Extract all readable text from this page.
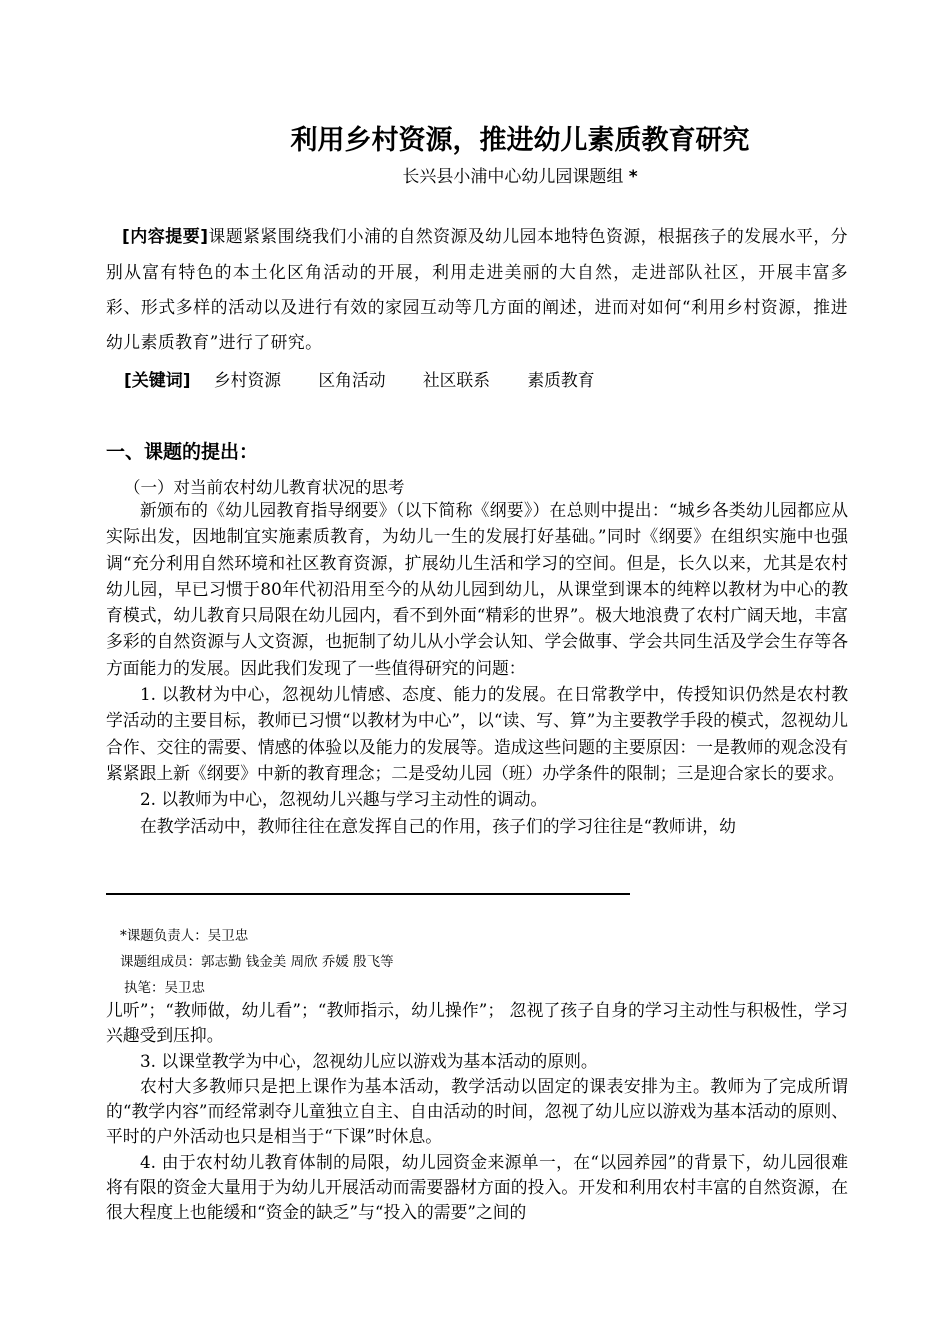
利用乡村资源，推进幼儿素质教育研究
长兴县小浦中心幼儿园课题组 *
[内容提要]课题紧紧围绕我们小浦的自然资源及幼儿园本地特色资源，根据孩子的发展水平，分别从富有特色的本土化区角活动的开展，利用走进美丽的大自然，走进部队社区，开展丰富多彩、形式多样的活动以及进行有效的家园互动等几方面的阐述，进而对如何“利用乡村资源，推进幼儿素质教育”进行了研究。
[关键词] 乡村资源 区角活动 社区联系 素质教育
一、课题的提出：
（一）对当前农村幼儿教育状况的思考

新颁布的《幼儿园教育指导纲要》（以下简称《纲要》）在总则中提出：“城乡各类幼儿园都应从实际出发，因地制宜实施素质教育，为幼儿一生的发展打好基础。”同时《纲要》在组织实施中也强调“充分利用自然环境和社区教育资源，扩展幼儿生活和学习的空间。但是，长久以来，尤其是农村幼儿园，早已习惯于80年代初沿用至今的从幼儿园到幼儿，从课堂到课本的纯粹以教材为中心的教育模式，幼儿教育只局限在幼儿园内，看不到外面“精彩的世界”。极大地浪费了农村广阔天地，丰富多彩的自然资源与人文资源，也扼制了幼儿从小学会认知、学会做事、学会共同生活及学会生存等各方面能力的发展。因此我们发现了一些值得研究的问题：

1. 以教材为中心，忽视幼儿情感、态度、能力的发展。在日常教学中，传授知识仍然是农村教学活动的主要目标，教师已习惯“以教材为中心”，以“读、写、算”为主要教学手段的模式，忽视幼儿合作、交往的需要、情感的体验以及能力的发展等。造成这些问题的主要原因：一是教师的观念没有紧紧跟上新《纲要》中新的教育理念；二是受幼儿园（班）办学条件的限制；三是迎合家长的要求。

2. 以教师为中心，忽视幼儿兴趣与学习主动性的调动。

在教学活动中，教师往往在意发挥自己的作用，孩子们的学习往往是“教师讲，幼

*课题负责人：吴卫忠
课题组成员：郭志勤 钱金美 周欣 乔媛 殷飞等
执笔：吴卫忠

儿听”；“教师做，幼儿看”；“教师指示，幼儿操作”； 忽视了孩子自身的学习主动性与积极性，学习兴趣受到压抑。

3. 以课堂教学为中心，忽视幼儿应以游戏为基本活动的原则。

农村大多教师只是把上课作为基本活动，教学活动以固定的课表安排为主。教师为了完成所谓的“教学内容”而经常剥夺儿童独立自主、自由活动的时间，忽视了幼儿应以游戏为基本活动的原则、平时的户外活动也只是相当于“下课”时休息。

4. 由于农村幼儿教育体制的局限，幼儿园资金来源单一，在“以园养园”的背景下，幼儿园很难将有限的资金大量用于为幼儿开展活动而需要器材方面的投入。开发和利用农村丰富的自然资源，在很大程度上也能缓和“资金的缺乏”与“投入的需要”之间的
